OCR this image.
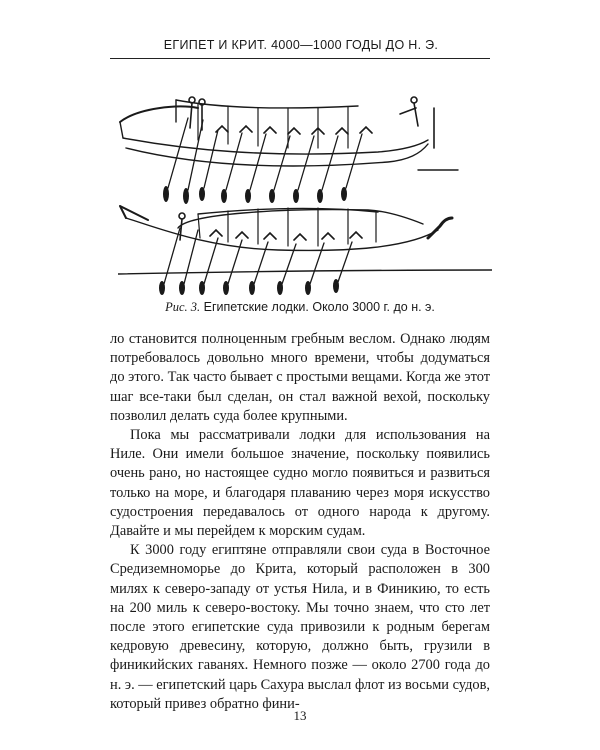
ЕГИПЕТ И КРИТ. 4000—1000 ГОДЫ ДО Н. Э.
Рис. 3. Египетские лодки. Около 3000 г. до н. э.

ло становится полноценным гребным веслом. Однако людям потребовалось довольно много времени, чтобы додуматься до этого. Так часто бывает с простыми вещами. Когда же этот шаг все-таки был сделан, он стал важной вехой, поскольку позволил делать суда более крупными.

Пока мы рассматривали лодки для использования на Ниле. Они имели большое значение, поскольку появились очень рано, но настоящее судно могло появиться и развиться только на море, и благодаря плаванию через моря искусство судостроения передавалось от одного народа к другому. Давайте и мы перейдем к морским судам.

К 3000 году египтяне отправляли свои суда в Восточное Средиземноморье до Крита, который расположен в 300 милях к северо-западу от устья Нила, и в Финикию, то есть на 200 миль к северо-востоку. Мы точно знаем, что сто лет после этого египетские суда привозили к родным берегам кедровую древесину, которую, должно быть, грузили в финикийских гаванях. Немного позже — около 2700 года до н. э. — египетский царь Сахура выслал флот из восьми судов, который привез обратно фини-

13
